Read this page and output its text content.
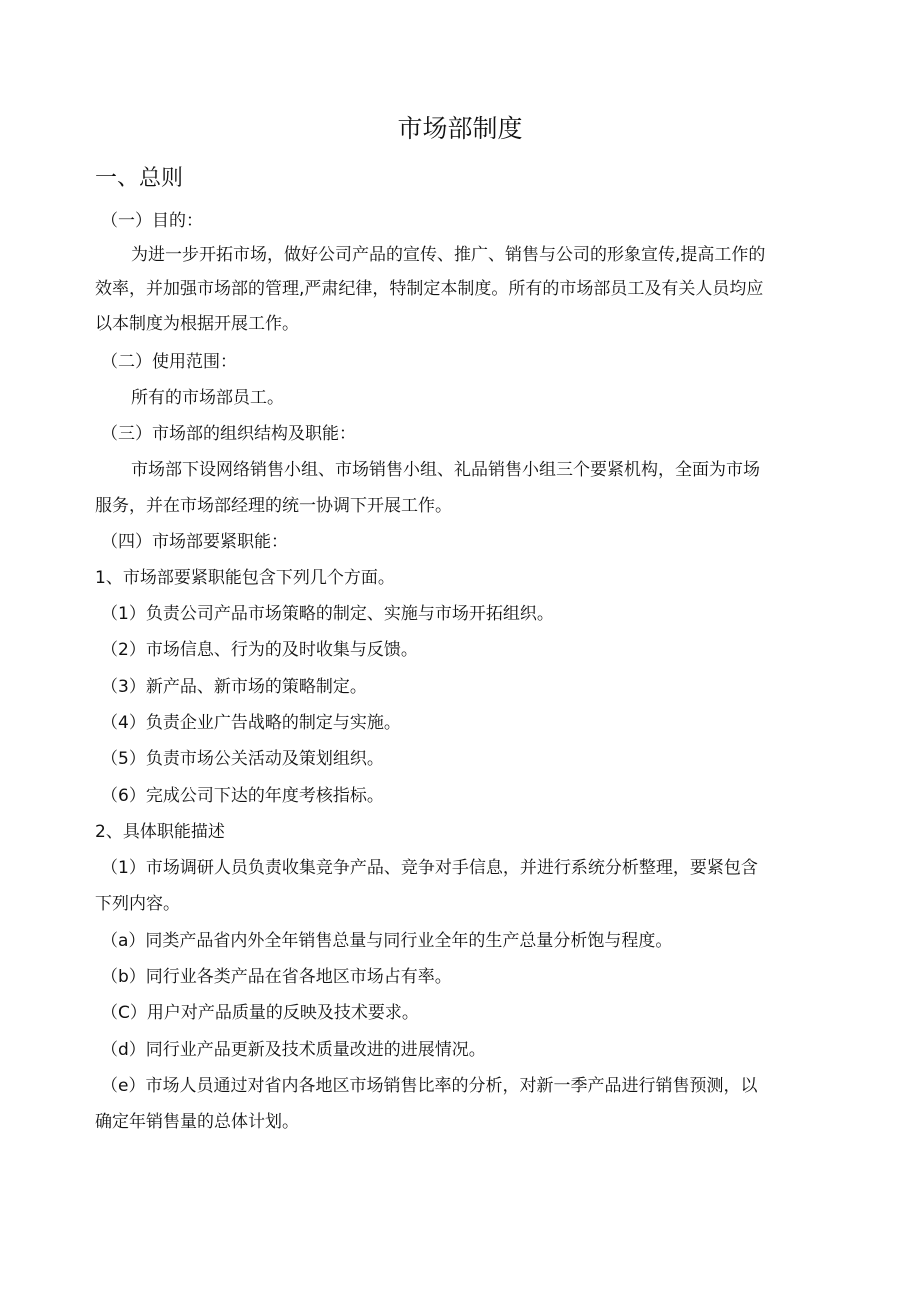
市场部制度
一、总则
（一）目的：
为进一步开拓市场，做好公司产品的宣传、推广、销售与公司的形象宣传,提高工作的
效率，并加强市场部的管理,严肃纪律，特制定本制度。所有的市场部员工及有关人员均应
以本制度为根据开展工作。
（二）使用范围：
所有的市场部员工。
（三）市场部的组织结构及职能：
市场部下设网络销售小组、市场销售小组、礼品销售小组三个要紧机构，全面为市场
服务，并在市场部经理的统一协调下开展工作。
（四）市场部要紧职能：
1、市场部要紧职能包含下列几个方面。
（1）负责公司产品市场策略的制定、实施与市场开拓组织。
（2）市场信息、行为的及时收集与反馈。
（3）新产品、新市场的策略制定。
（4）负责企业广告战略的制定与实施。
（5）负责市场公关活动及策划组织。
（6）完成公司下达的年度考核指标。
2、具体职能描述
（1）市场调研人员负责收集竞争产品、竞争对手信息，并进行系统分析整理，要紧包含
下列内容。
（a）同类产品省内外全年销售总量与同行业全年的生产总量分析饱与程度。
（b）同行业各类产品在省各地区市场占有率。
（C）用户对产品质量的反映及技术要求。
（d）同行业产品更新及技术质量改进的进展情况。
（e）市场人员通过对省内各地区市场销售比率的分析，对新一季产品进行销售预测，以
确定年销售量的总体计划。
